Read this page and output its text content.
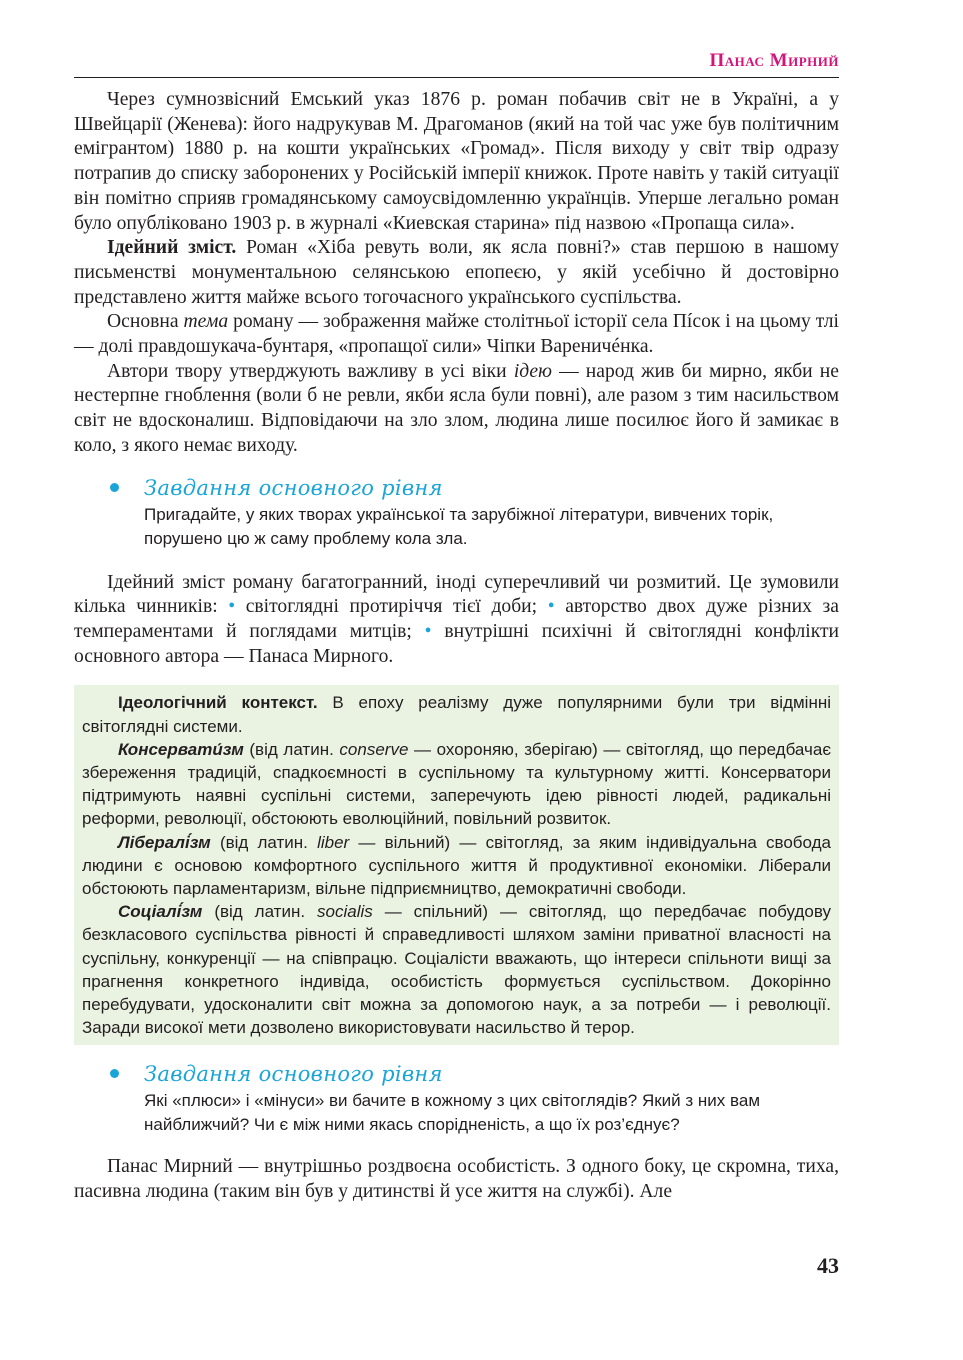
Панас Мирний

Через сумнозвісний Емський указ 1876 р. роман побачив світ не в Україні, а у Швейцарії (Женева): його надрукував М. Драгоманов (який на той час уже був політичним емігрантом) 1880 р. на кошти українських «Громад». Після виходу у світ твір одразу потрапив до списку заборонених у Російській імперії книжок. Проте навіть у такій ситуації він помітно сприяв громадянському самоусвідомленню українців. Уперше легально роман було опубліковано 1903 р. в журналі «Киевская старина» під назвою «Пропаща сила».

Ідейний зміст. Роман «Хіба ревуть воли, як ясла повні?» став першою в нашому письменстві монументальною селянською епопеєю, у якій усебічно й достовірно представлено життя майже всього тогочасного українського суспільства.

Основна тема роману — зображення майже столітньої історії села Пíсок і на цьому тлі — долі правдошукача-бунтаря, «пропащої сили» Чіпки Вареничéнка.

Автори твору утверджують важливу в усі віки ідею — народ жив би мирно, якби не нестерпне гноблення (воли б не ревли, якби ясла були повні), але разом з тим насильством світ не вдосконалиш. Відповідаючи на зло злом, людина лише посилює його й замикає в коло, з якого немає виходу.

Завдання основного рівня
Пригадайте, у яких творах української та зарубіжної літератури, вивчених торік, порушено цю ж саму проблему кола зла.

Ідейний зміст роману багатогранний, іноді суперечливий чи розмитий. Це зумовили кілька чинників: • світоглядні протиріччя тієї доби; • авторство двох дуже різних за темпераментами й поглядами митців; • внутрішні психічні й світоглядні конфлікти основного автора — Панаса Мирного.

Ідеологічний контекст. В епоху реалізму дуже популярними були три відмінні світоглядні системи.

Консервати́зм (від латин. conserve — охороняю, зберігаю) — світогляд, що передбачає збереження традицій, спадкоємності в суспільному та культурному житті. Консерватори підтримують наявні суспільні системи, заперечують ідею рівності людей, радикальні реформи, революції, обстоюють еволюційний, повільний розвиток.

Лібералі́зм (від латин. liber — вільний) — світогляд, за яким індивідуальна свобода людини є основою комфортного суспільного життя й продуктивної економіки. Ліберали обстоюють парламентаризм, вільне підприємництво, демократичні свободи.

Соціалі́зм (від латин. socialis — спільний) — світогляд, що передбачає побудову безкласового суспільства рівності й справедливості шляхом заміни приватної власності на суспільну, конкуренції — на співпрацю. Соціалісти вважають, що інтереси спільноти вищі за прагнення конкретного індивіда, особистість формується суспільством. Докорінно перебудувати, удосконалити світ можна за допомогою наук, а за потреби — і революції. Заради високої мети дозволено використовувати насильство й терор.

Завдання основного рівня
Які «плюси» і «мінуси» ви бачите в кожному з цих світоглядів? Який з них вам найближчий? Чи є між ними якась спорідненість, а що їх роз’єднує?

Панас Мирний — внутрішньо роздвоєна особистість. З одного боку, це скромна, тиха, пасивна людина (таким він був у дитинстві й усе життя на службі). Але

43
